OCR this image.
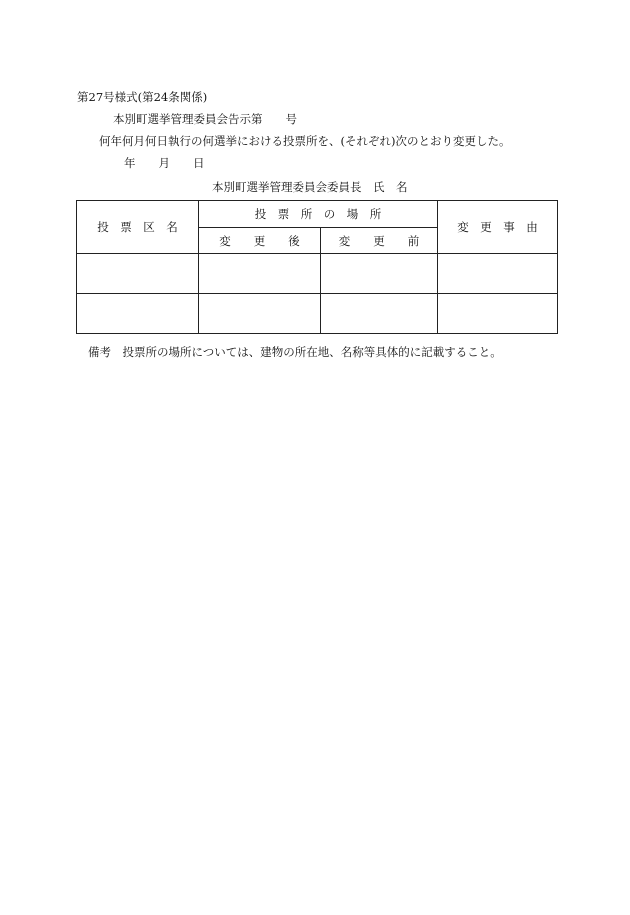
第27号様式(第24条関係)
本別町選挙管理委員会告示第　　号
何年何月何日執行の何選挙における投票所を、(それぞれ)次のとおり変更した。
年　　月　　日
本別町選挙管理委員会委員長　氏　名
投　票　区　名	投　票　所　の　場　所		変　更　事　由
	変　　更　　後	変　　更　　前	

備考　投票所の場所については、建物の所在地、名称等具体的に記載すること。
